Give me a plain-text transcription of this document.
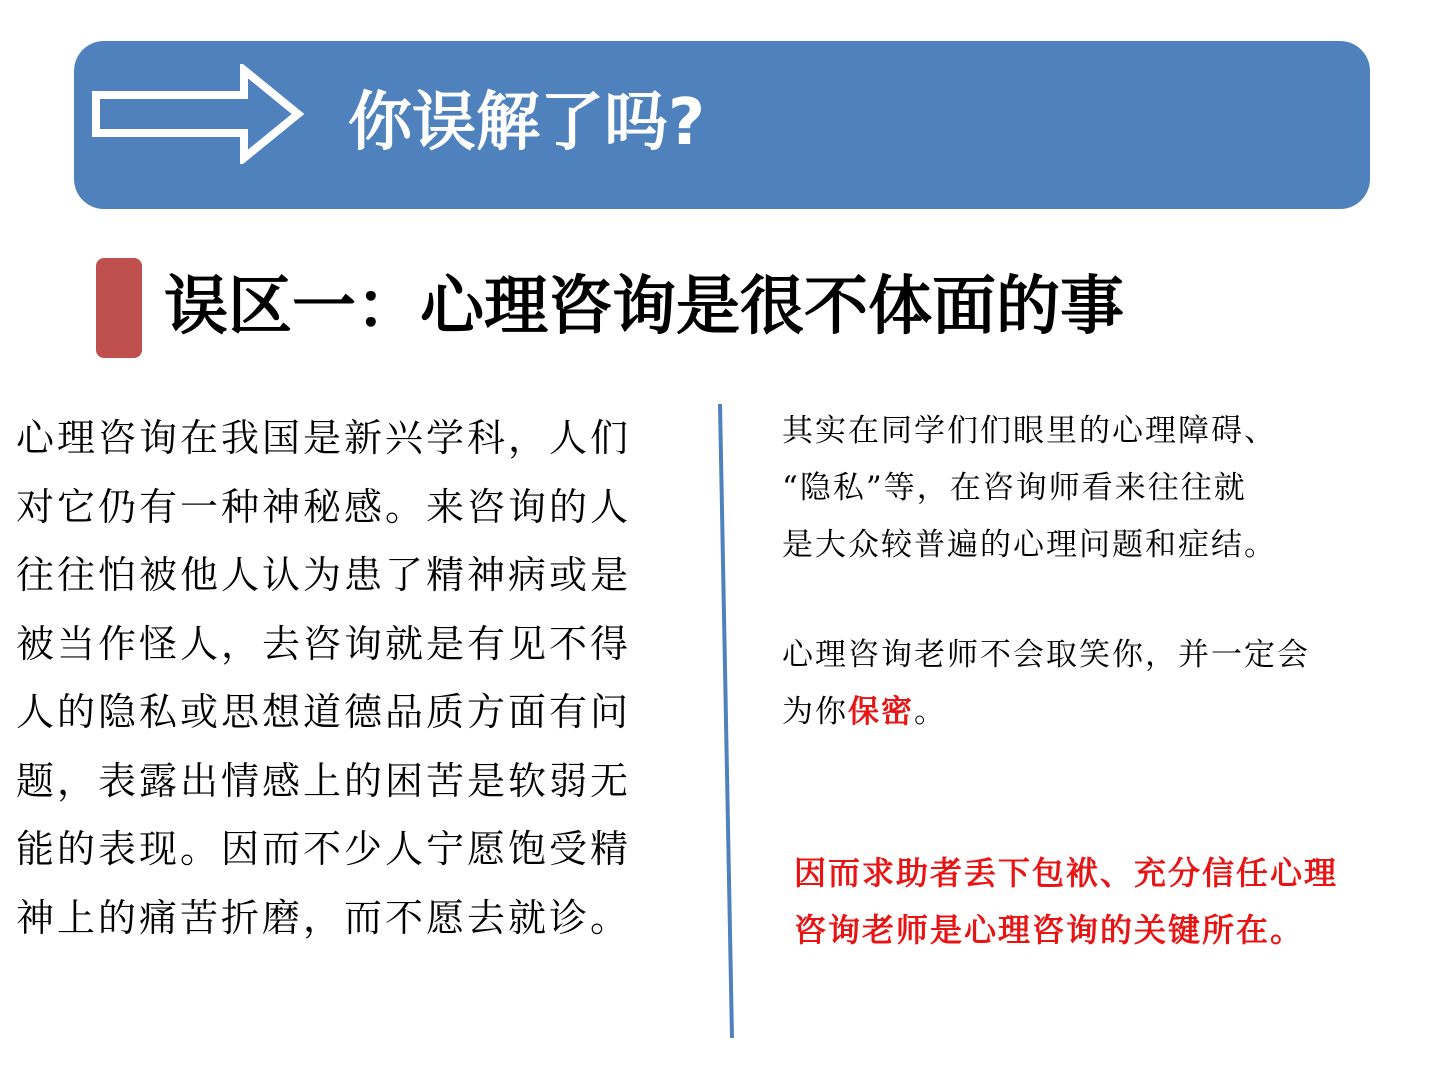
你误解了吗?
误区一：心理咨询是很不体面的事
心理咨询在我国是新兴学科，人们
对它仍有一种神秘感。来咨询的人
往往怕被他人认为患了精神病或是
被当作怪人，去咨询就是有见不得
人的隐私或思想道德品质方面有问
题，表露出情感上的困苦是软弱无
能的表现。因而不少人宁愿饱受精
神上的痛苦折磨，而不愿去就诊。
其实在同学们们眼里的心理障碍、
“隐私”等，在咨询师看来往往就
是大众较普遍的心理问题和症结。
心理咨询老师不会取笑你，并一定会
为你保密。
因而求助者丢下包袱、充分信任心理
咨询老师是心理咨询的关键所在。
